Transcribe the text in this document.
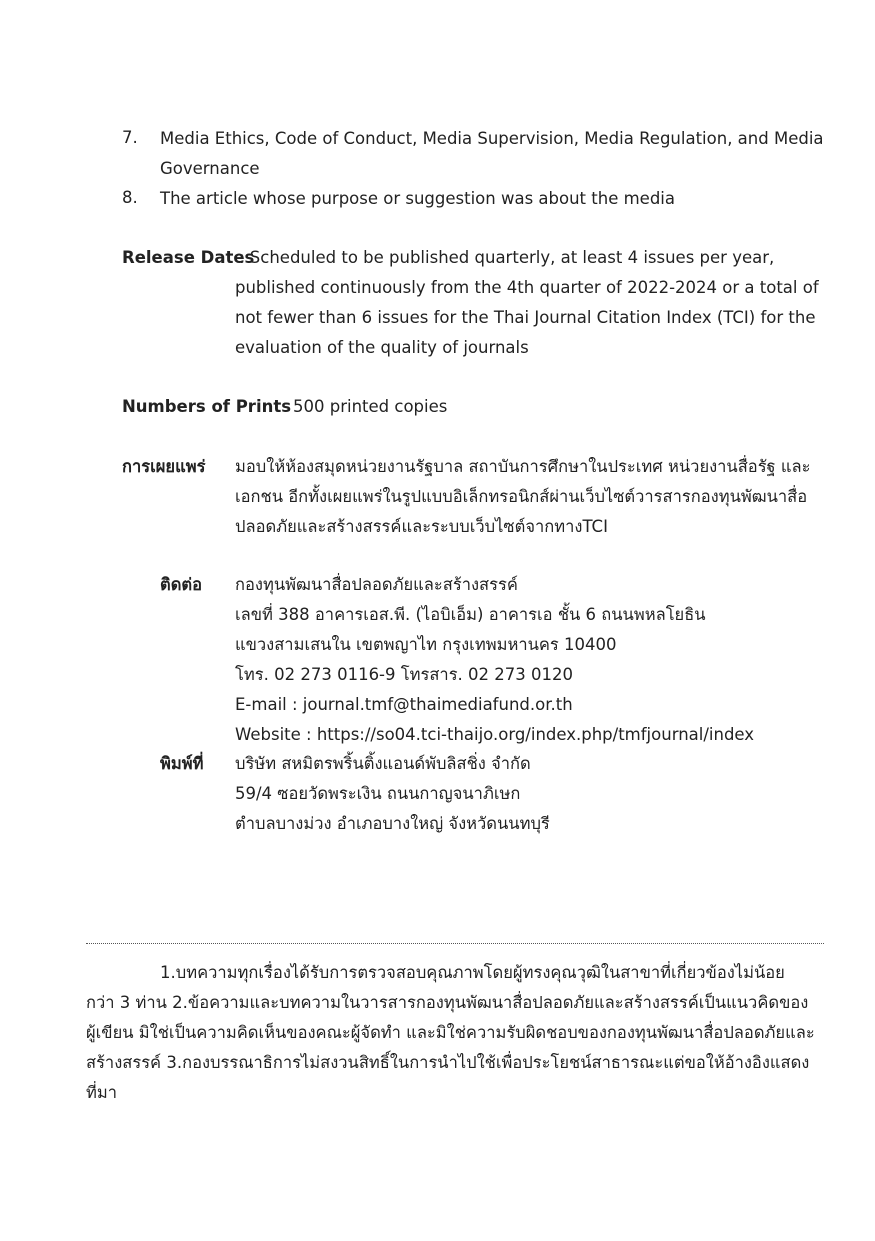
7. Media Ethics, Code of Conduct, Media Supervision, Media Regulation, and Media
Governance
8. The article whose purpose or suggestion was about the media
Release Dates
: Scheduled to be published quarterly, at least 4 issues per year,
published continuously from the 4th quarter of 2022-2024 or a total of
not fewer than 6 issues for the Thai Journal Citation Index (TCI) for the
evaluation of the quality of journals
Numbers of Prints 500 printed copies
การเผยแพร่ มอบให้ห้องสมุดหน่วยงานรัฐบาล สถาบันการศึกษาในประเทศ หน่วยงานสื่อรัฐ และ
เอกชน อีกทั้งเผยแพร่ในรูปแบบอิเล็กทรอนิกส์ผ่านเว็บไซต์วารสารกองทุนพัฒนาสื่อ
ปลอดภัยและสร้างสรรค์และระบบเว็บไซต์จากทางTCI
ติดต่อ กองทุนพัฒนาสื่อปลอดภัยและสร้างสรรค์
เลขที่ 388 อาคารเอส.พี. (ไอบิเอ็ม) อาคารเอ ชั้น 6 ถนนพหลโยธิน
แขวงสามเสนใน เขตพญาไท กรุงเทพมหานคร 10400
โทร. 02 273 0116-9 โทรสาร. 02 273 0120
E-mail : journal.tmf@thaimediafund.or.th
Website : https://so04.tci-thaijo.org/index.php/tmfjournal/index
พิมพ์ที่ บริษัท สหมิตรพริ้นติ้งแอนด์พับลิสชิ่ง จำกัด
59/4 ซอยวัดพระเงิน ถนนกาญจนาภิเษก
ตำบลบางม่วง อำเภอบางใหญ่ จังหวัดนนทบุรี
1.บทความทุกเรื่องได้รับการตรวจสอบคุณภาพโดยผู้ทรงคุณวุฒิในสาขาที่เกี่ยวข้องไม่น้อย
กว่า 3 ท่าน 2.ข้อความและบทความในวารสารกองทุนพัฒนาสื่อปลอดภัยและสร้างสรรค์เป็นแนวคิดของ
ผู้เขียน มิใช่เป็นความคิดเห็นของคณะผู้จัดทำ และมิใช่ความรับผิดชอบของกองทุนพัฒนาสื่อปลอดภัยและ
สร้างสรรค์ 3.กองบรรณาธิการไม่สงวนสิทธิ์ในการนำไปใช้เพื่อประโยชน์สาธารณะแต่ขอให้อ้างอิงแสดง
ที่มา
